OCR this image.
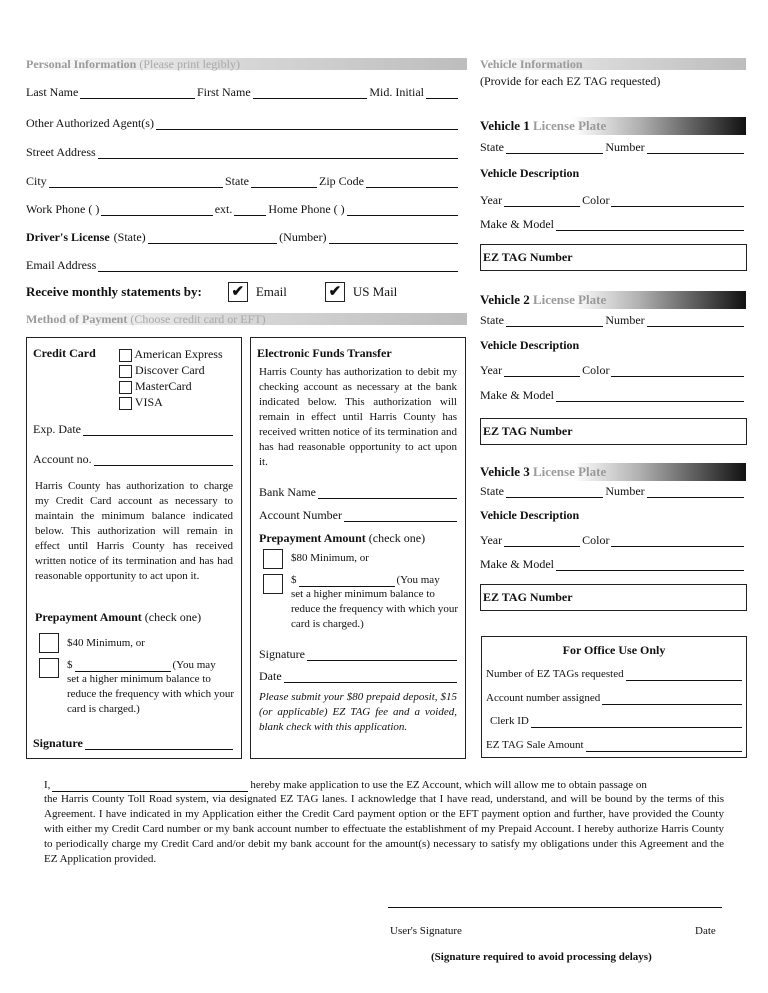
Personal Information (Please print legibly)
Last Name	First Name	Mid. Initial
Other Authorized Agent(s)
Street Address
City	State	Zip Code
Work Phone ( )	ext.	Home Phone ( )
Driver's License (State)	(Number)
Email Address
Receive monthly statements by: ✔ Email	✔ US Mail
Method of Payment (Choose credit card or EFT)
Credit Card	American Express
Discover Card
MasterCard
VISA
Exp. Date
Account no.
Harris County has authorization to charge my Credit Card account as necessary to maintain the minimum balance indicated below. This authorization will remain in effect until Harris County has received written notice of its termination and has had reasonable opportunity to act upon it.
Prepayment Amount (check one)
$40 Minimum, or
$	(You may
set a higher minimum balance to reduce the frequency with which your card is charged.)
Signature
Electronic Funds Transfer
Harris County has authorization to debit my checking account as necessary at the bank indicated below. This authorization will remain in effect until Harris County has received written notice of its termination and has had reasonable opportunity to act upon it.
Bank Name
Account Number
Prepayment Amount (check one)
$80 Minimum, or
$	(You may
set a higher minimum balance to reduce the frequency with which your card is charged.)
Signature
Date
Please submit your $80 prepaid deposit, $15 (or applicable) EZ TAG fee and a voided, blank check with this application.
Vehicle Information
(Provide for each EZ TAG requested)
Vehicle 1 License Plate
State	Number
Vehicle Description
Year	Color
Make & Model
EZ TAG Number
Vehicle 2 License Plate
State	Number
Vehicle Description
Year	Color
Make & Model
EZ TAG Number
Vehicle 3 License Plate
State	Number
Vehicle Description
Year	Color
Make & Model
EZ TAG Number
For Office Use Only
Number of EZ TAGs requested
Account number assigned
Clerk ID
EZ TAG Sale Amount
I,	hereby make application to use the EZ Account, which will allow me to obtain passage on
the Harris County Toll Road system, via designated EZ TAG lanes. I acknowledge that I have read, understand, and will be bound by the terms of this Agreement. I have indicated in my Application either the Credit Card payment option or the EFT payment option and further, have provided the County with either my Credit Card number or my bank account number to effectuate the establishment of my Prepaid Account. I hereby authorize Harris County to periodically charge my Credit Card and/or debit my bank account for the amount(s) necessary to satisfy my obligations under this Agreement and the EZ Application provided.
User's Signature	Date
(Signature required to avoid processing delays)
